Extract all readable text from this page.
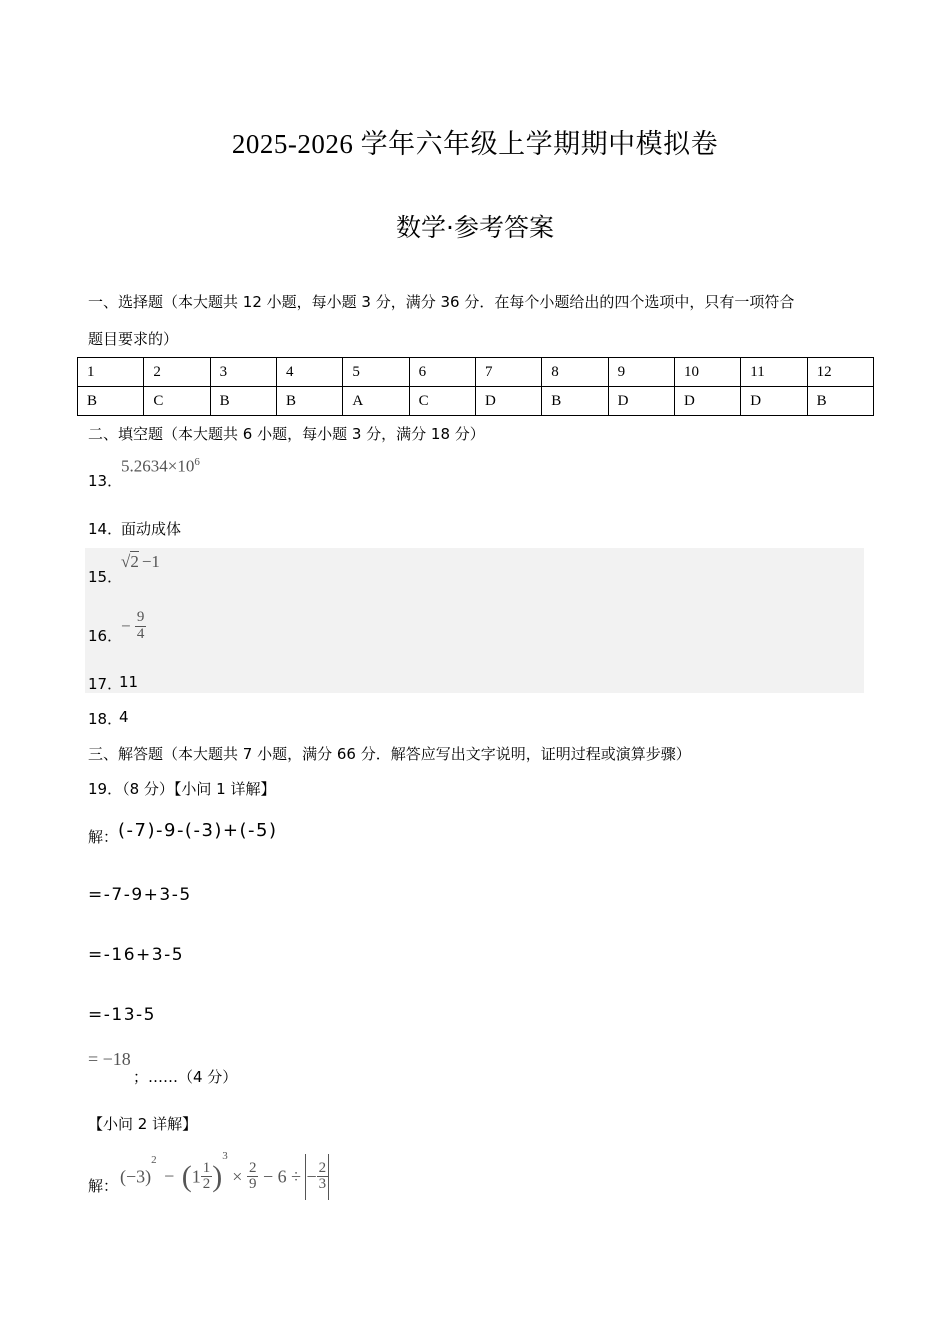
2025-2026 学年六年级上学期期中模拟卷
数学·参考答案
一、选择题（本大题共 12 小题，每小题 3 分，满分 36 分．在每个小题给出的四个选项中，只有一项符合
题目要求的）
1	2	3	4	5	6	7	8	9	10	11	12
B	C	B	B	A	C	D	B	D	D	D	B
二、填空题（本大题共 6 小题，每小题 3 分，满分 18 分）
13．
$5.2634\times 10^6$
14．
面动成体
15．
√2 −1
16．
− $\frac{9}{4}$
17．
11
18．
4
三、解答题（本大题共 7 小题，满分 66 分．解答应写出文字说明，证明过程或演算步骤）
19．（8 分）【小问 1 详解】
解： (-7)-9-(-3)+(-5)
=-7-9+3-5
=-16+3-5
=-13-5
= −18
；……（4 分）
【小问 2 详解】
解： $(-3)^2 - (1 \frac{1}{2} )^3 \times \frac{2}{9} - 6$ ÷ − $\frac{2}{3}$
